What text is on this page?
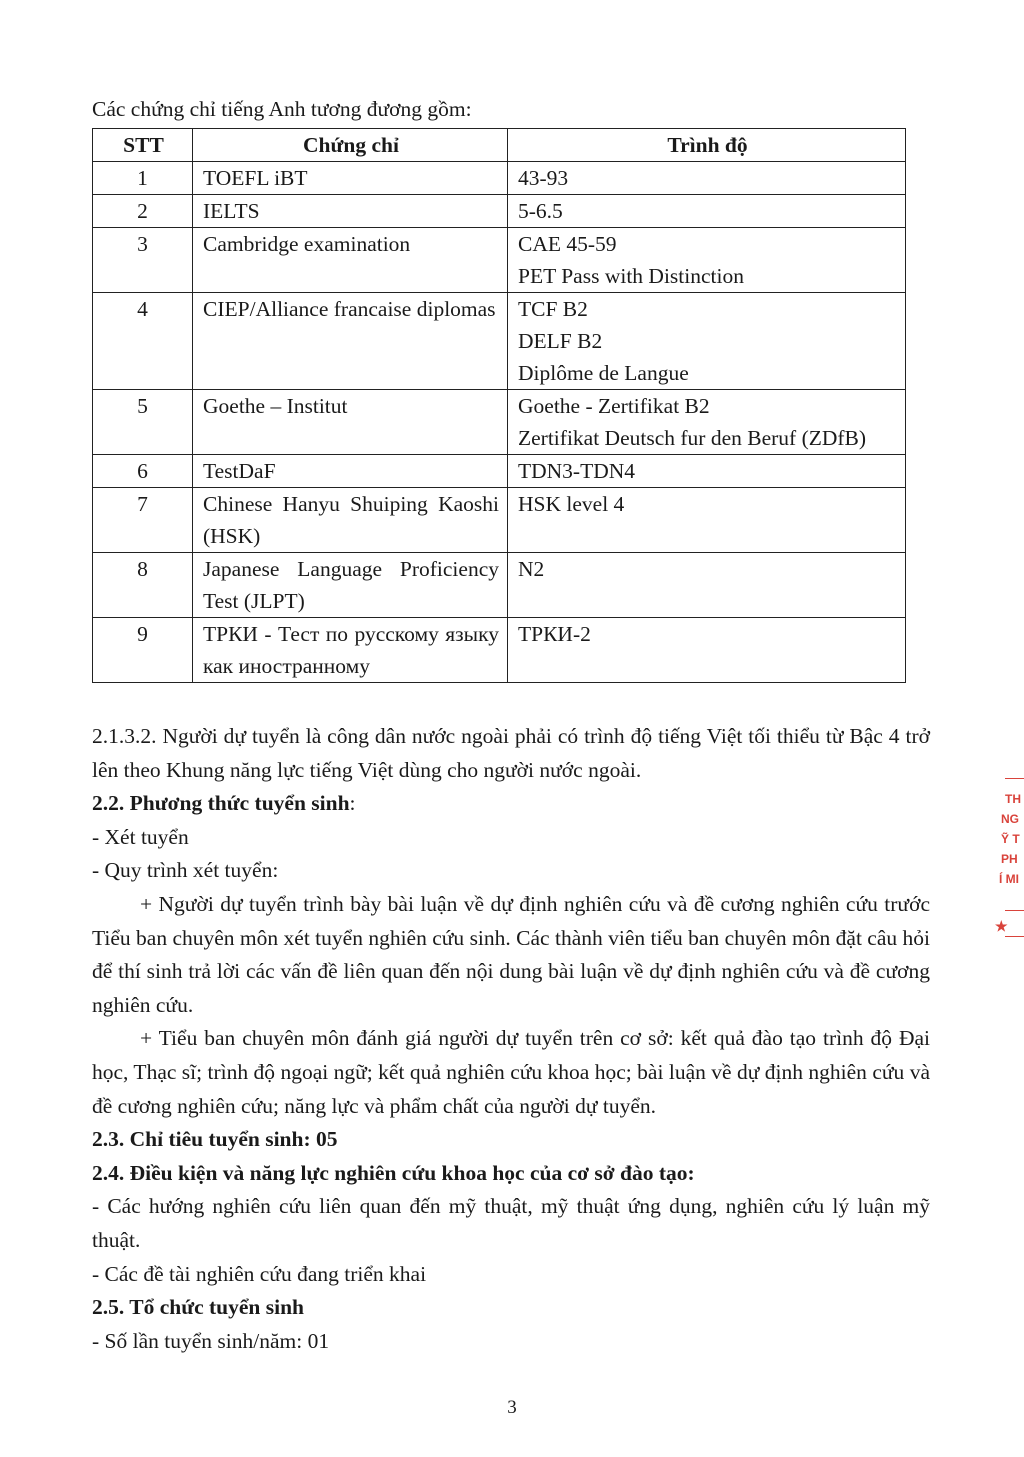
Các chứng chỉ tiếng Anh tương đương gồm:
STT	Chứng chỉ	Trình độ
1	TOEFL iBT	43-93

2	IELTS	5-6.5

3	Cambridge examination	CAE 45-59
PET Pass with Distinction

4	CIEP/Alliance francaise diplomas	TCF B2
DELF B2
Diplôme de Langue

5	Goethe – Institut	Goethe - Zertifikat B2
Zertifikat Deutsch fur den Beruf (ZDfB)

6	TestDaF	TDN3-TDN4

7	Chinese Hanyu Shuiping Kaoshi (HSK)	HSK level 4

8	Japanese Language Proficiency Test (JLPT)	N2

9	ТРКИ - Тест по русскому языку как иностранному	ТРКИ-2

2.1.3.2. Người dự tuyển là công dân nước ngoài phải có trình độ tiếng Việt tối thiểu từ Bậc 4 trở lên theo Khung năng lực tiếng Việt dùng cho người nước ngoài.

2.2. Phương thức tuyển sinh:

- Xét tuyển

- Quy trình xét tuyển:

+ Người dự tuyển trình bày bài luận về dự định nghiên cứu và đề cương nghiên cứu trước Tiểu ban chuyên môn xét tuyển nghiên cứu sinh. Các thành viên tiểu ban chuyên môn đặt câu hỏi để thí sinh trả lời các vấn đề liên quan đến nội dung bài luận về dự định nghiên cứu và đề cương nghiên cứu.

+ Tiểu ban chuyên môn đánh giá người dự tuyển trên cơ sở: kết quả đào tạo trình độ Đại học, Thạc sĩ; trình độ ngoại ngữ; kết quả nghiên cứu khoa học; bài luận về dự định nghiên cứu và đề cương nghiên cứu; năng lực và phẩm chất của người dự tuyển.

2.3. Chỉ tiêu tuyển sinh: 05

2.4. Điều kiện và năng lực nghiên cứu khoa học của cơ sở đào tạo:

- Các hướng nghiên cứu liên quan đến mỹ thuật, mỹ thuật ứng dụng, nghiên cứu lý luận mỹ thuật.

- Các đề tài nghiên cứu đang triển khai

2.5. Tổ chức tuyển sinh

- Số lần tuyển sinh/năm: 01

3
TH
NG
Ỹ T
PH
Í MI
★
